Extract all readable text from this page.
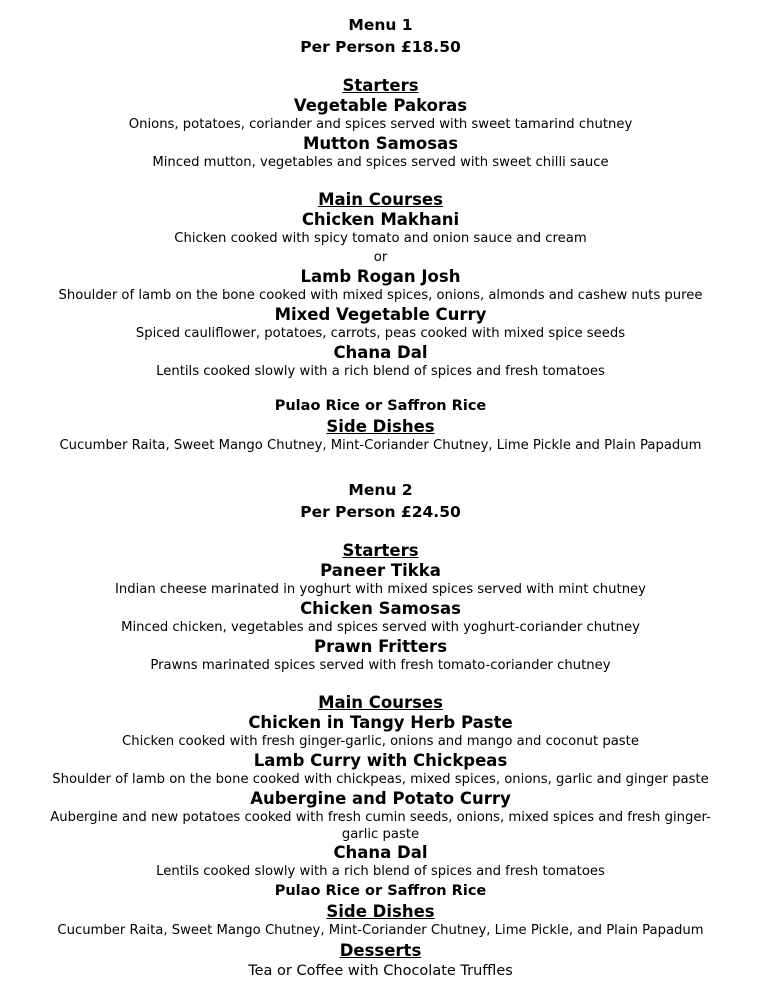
Menu 1
Per Person £18.50
Starters
Vegetable Pakoras
Onions, potatoes, coriander and spices served with sweet tamarind chutney
Mutton Samosas
Minced mutton, vegetables and spices served with sweet chilli sauce
Main Courses
Chicken Makhani
Chicken cooked with spicy tomato and onion sauce and cream
or
Lamb Rogan Josh
Shoulder of lamb on the bone cooked with mixed spices, onions, almonds and cashew nuts puree
Mixed Vegetable Curry
Spiced cauliflower, potatoes, carrots, peas cooked with mixed spice seeds
Chana Dal
Lentils cooked slowly with a rich blend of spices and fresh tomatoes
Pulao Rice or Saffron Rice
Side Dishes
Cucumber Raita, Sweet Mango Chutney, Mint-Coriander Chutney, Lime Pickle and Plain Papadum
Menu 2
Per Person £24.50
Starters
Paneer Tikka
Indian cheese marinated in yoghurt with mixed spices served with mint chutney
Chicken Samosas
Minced chicken, vegetables and spices served with yoghurt-coriander chutney
Prawn Fritters
Prawns marinated spices served with fresh tomato-coriander chutney
Main Courses
Chicken in Tangy Herb Paste
Chicken cooked with fresh ginger-garlic, onions and mango and coconut paste
Lamb Curry with Chickpeas
Shoulder of lamb on the bone cooked with chickpeas, mixed spices, onions, garlic and ginger paste
Aubergine and Potato Curry
Aubergine and new potatoes cooked with fresh cumin seeds, onions, mixed spices and fresh ginger-garlic paste
Chana Dal
Lentils cooked slowly with a rich blend of spices and fresh tomatoes
Pulao Rice or Saffron Rice
Side Dishes
Cucumber Raita, Sweet Mango Chutney, Mint-Coriander Chutney, Lime Pickle, and Plain Papadum
Desserts
Tea or Coffee with Chocolate Truffles
